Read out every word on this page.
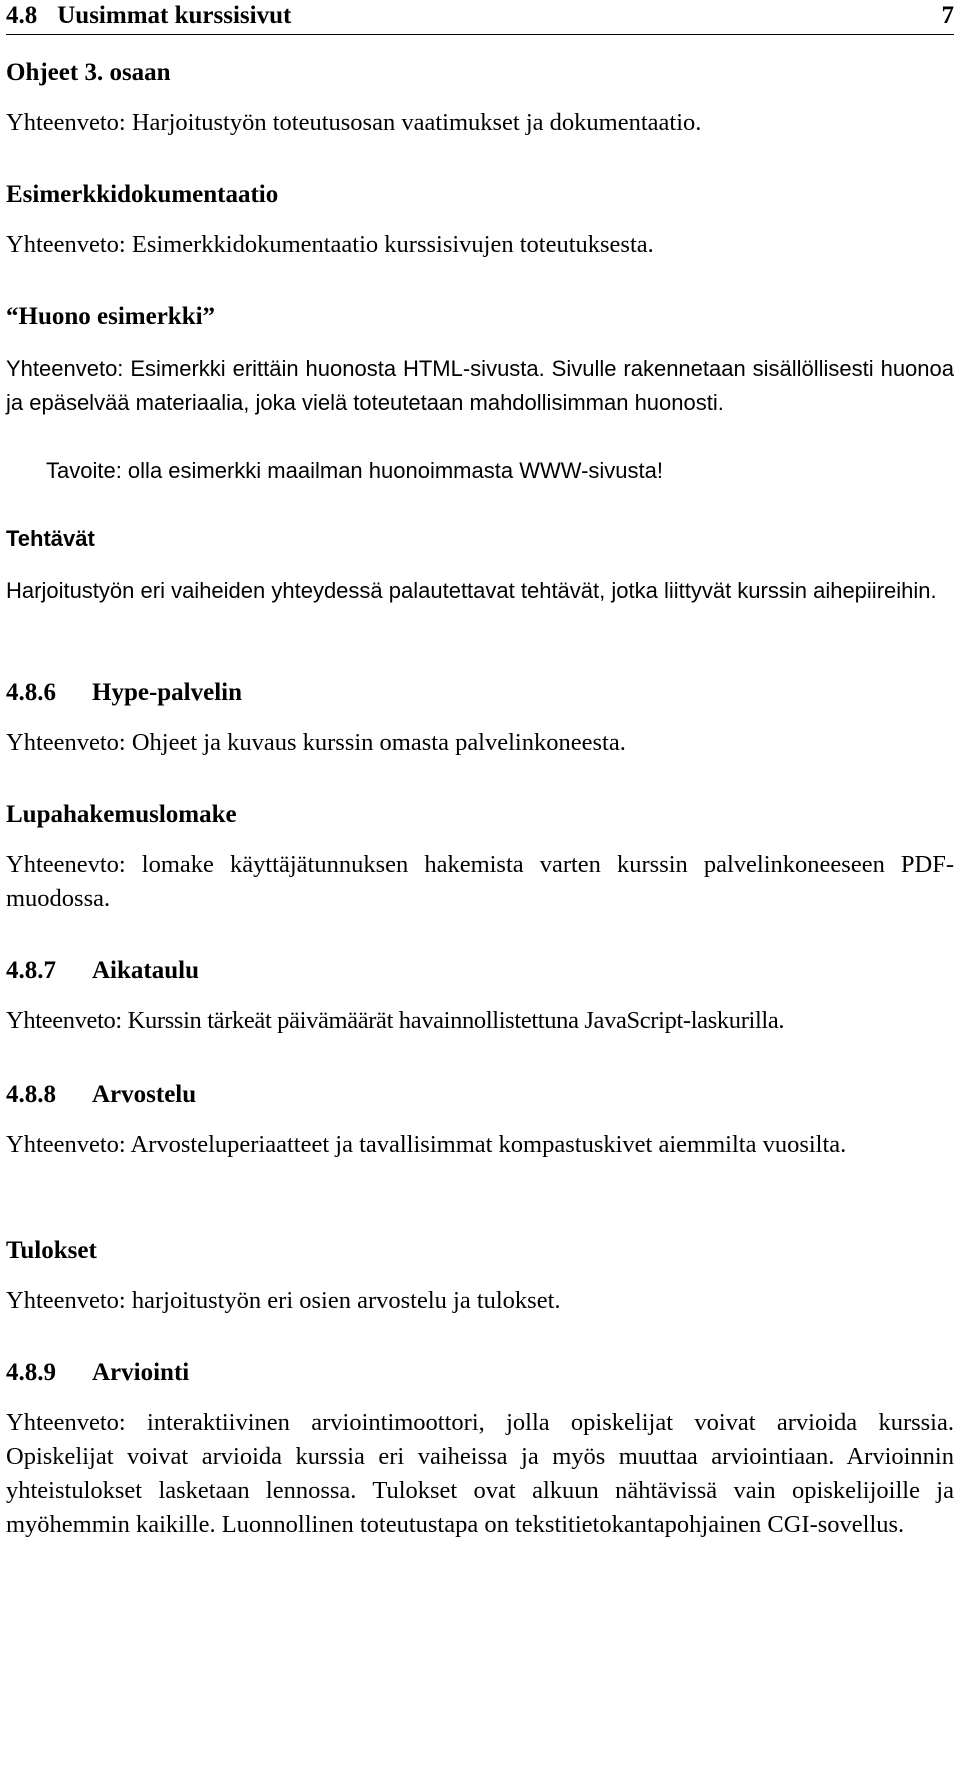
4.8 Uusimmat kurssisivut	7
Ohjeet 3. osaan
Yhteenveto: Harjoitustyön toteutusosan vaatimukset ja dokumentaatio.
Esimerkkidokumentaatio
Yhteenveto: Esimerkkidokumentaatio kurssisivujen toteutuksesta.
“Huono esimerkki”
Yhteenveto: Esimerkki erittäin huonosta HTML-sivusta. Sivulle rakennetaan sisällöllisesti huonoa ja epäselvää materiaalia, joka vielä toteutetaan mahdollisimman huonosti.
Tavoite: olla esimerkki maailman huonoimmasta WWW-sivusta!
Tehtävät
Harjoitustyön eri vaiheiden yhteydessä palautettavat tehtävät, jotka liittyvät kurssin aihepiireihin.
4.8.6 Hype-palvelin
Yhteenveto: Ohjeet ja kuvaus kurssin omasta palvelinkoneesta.
Lupahakemuslomake
Yhteenevto: lomake käyttäjätunnuksen hakemista varten kurssin palvelinkoneeseen PDF-muodossa.
4.8.7 Aikataulu
Yhteenveto: Kurssin tärkeät päivämäärät havainnollistettuna JavaScript-laskurilla.
4.8.8 Arvostelu
Yhteenveto: Arvosteluperiaatteet ja tavallisimmat kompastuskivet aiemmilta vuosilta.
Tulokset
Yhteenveto: harjoitustyön eri osien arvostelu ja tulokset.
4.8.9 Arviointi
Yhteenveto: interaktiivinen arviointimoottori, jolla opiskelijat voivat arvioida kurssia. Opiskelijat voivat arvioida kurssia eri vaiheissa ja myös muuttaa arviointiaan. Arvioinnin yhteistulokset lasketaan lennossa. Tulokset ovat alkuun nähtävissä vain opiskelijoille ja myöhemmin kaikille. Luonnollinen toteutustapa on tekstitietokantapohjainen CGI-sovellus.
